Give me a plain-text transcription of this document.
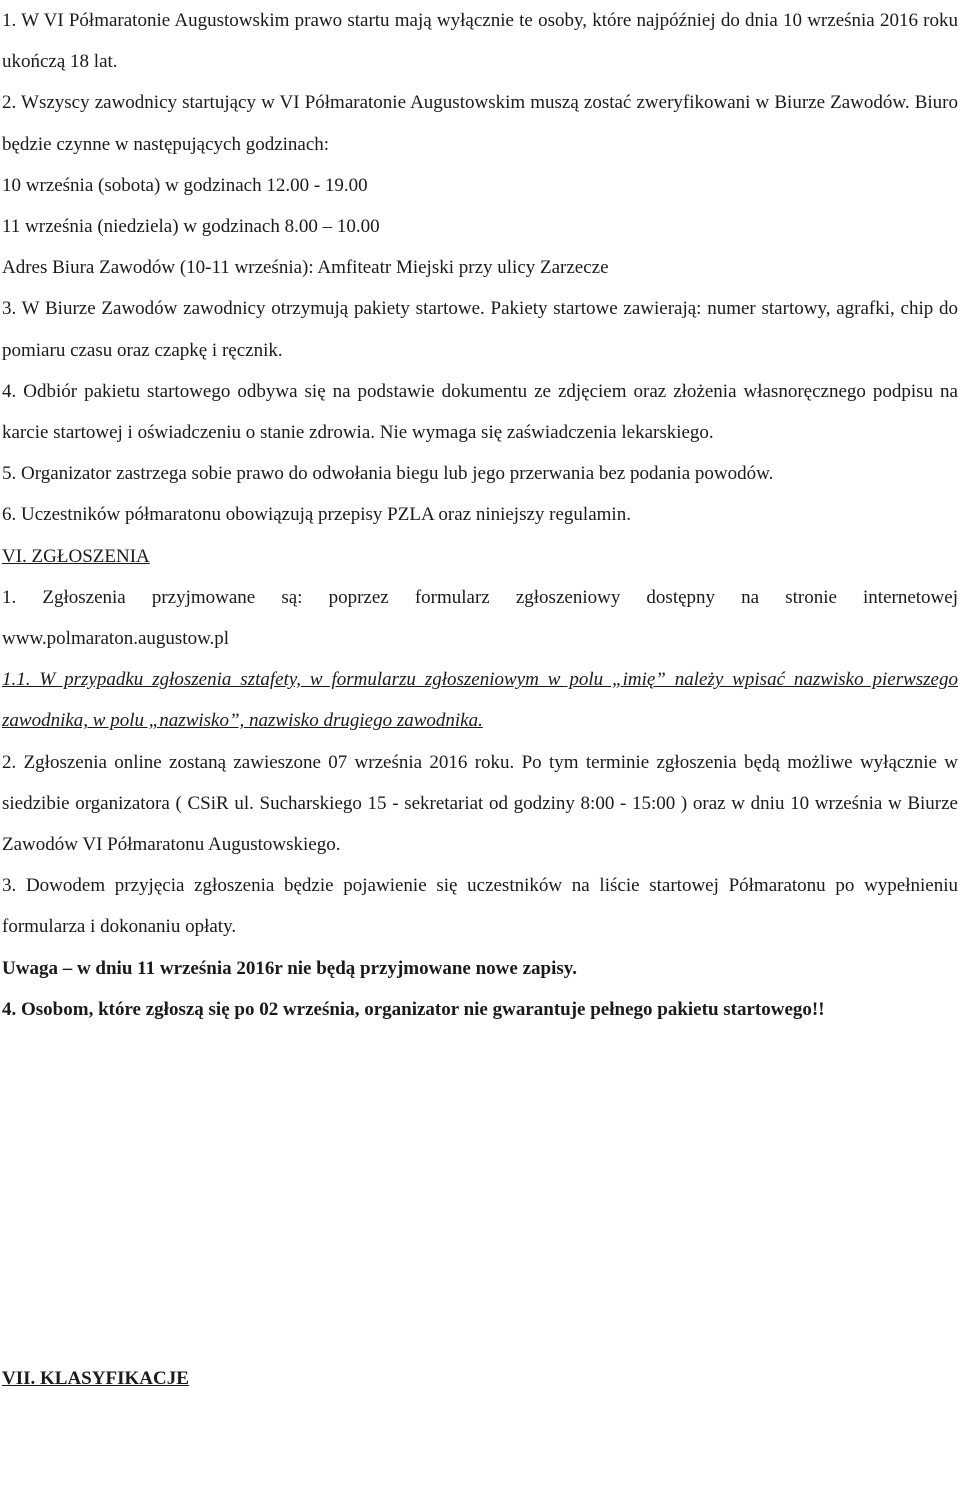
1. W VI Półmaratonie Augustowskim prawo startu mają wyłącznie te osoby, które najpóźniej do dnia 10 września 2016 roku ukończą 18 lat.

2. Wszyscy zawodnicy startujący w VI Półmaratonie Augustowskim muszą zostać zweryfikowani w Biurze Zawodów. Biuro będzie czynne w następujących godzinach:

10 września (sobota) w godzinach 12.00 - 19.00

11 września (niedziela) w godzinach 8.00 – 10.00

Adres Biura Zawodów (10-11 września): Amfiteatr Miejski przy ulicy Zarzecze

3. W Biurze Zawodów zawodnicy otrzymują pakiety startowe. Pakiety startowe zawierają: numer startowy, agrafki, chip do pomiaru czasu oraz czapkę i ręcznik.

4. Odbiór pakietu startowego odbywa się na podstawie dokumentu ze zdjęciem oraz złożenia własnoręcznego podpisu na karcie startowej i oświadczeniu o stanie zdrowia. Nie wymaga się zaświadczenia lekarskiego.

5. Organizator zastrzega sobie prawo do odwołania biegu lub jego przerwania bez podania powodów.

6. Uczestników półmaratonu obowiązują przepisy PZLA oraz niniejszy regulamin.

VI. ZGŁOSZENIA

1. Zgłoszenia przyjmowane są: poprzez formularz zgłoszeniowy dostępny na stronie internetowej www.polmaraton.augustow.pl

1.1. W przypadku zgłoszenia sztafety, w formularzu zgłoszeniowym w polu „imię” należy wpisać nazwisko pierwszego zawodnika, w polu „nazwisko”, nazwisko drugiego zawodnika.

2. Zgłoszenia online zostaną zawieszone 07 września 2016 roku. Po tym terminie zgłoszenia będą możliwe wyłącznie w siedzibie organizatora ( CSiR ul. Sucharskiego 15 - sekretariat od godziny 8:00 - 15:00 ) oraz w dniu 10 września w Biurze Zawodów VI Półmaratonu Augustowskiego.

3. Dowodem przyjęcia zgłoszenia będzie pojawienie się uczestników na liście startowej Półmaratonu po wypełnieniu formularza i dokonaniu opłaty.

Uwaga – w dniu 11 września 2016r nie będą przyjmowane nowe zapisy.

4. Osobom, które zgłoszą się po 02 września, organizator nie gwarantuje pełnego pakietu startowego!!

VII. KLASYFIKACJE
